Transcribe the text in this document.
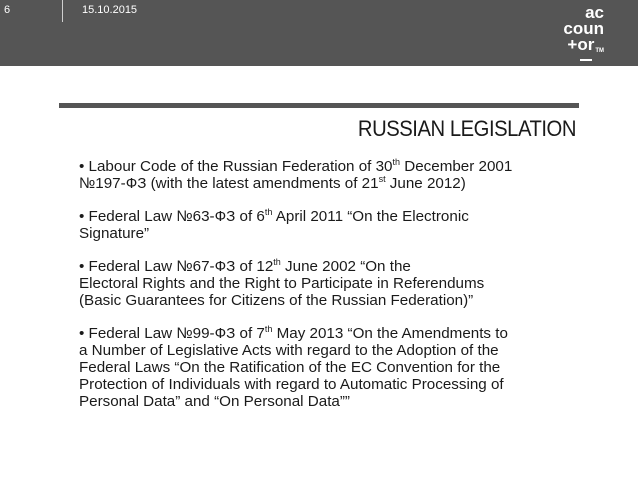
6	15.10.2015	ac
coun
+or™
RUSSIAN LEGISLATION
• Labour Code of the Russian Federation of 30th December 2001
№197-ФЗ (with the latest amendments of 21st June 2012)
• Federal Law №63-ФЗ of 6th April 2011 “On the Electronic
Signature”
• Federal Law №67-ФЗ of 12th June 2002 “On the
Electoral Rights and the Right to Participate in Referendums
(Basic Guarantees for Citizens of the Russian Federation)”
• Federal Law №99-ФЗ of 7th May 2013 “On the Amendments to
a Number of Legislative Acts with regard to the Adoption of the
Federal Laws “On the Ratification of the EC Convention for the
Protection of Individuals with regard to Automatic Processing of
Personal Data” and “On Personal Data””
